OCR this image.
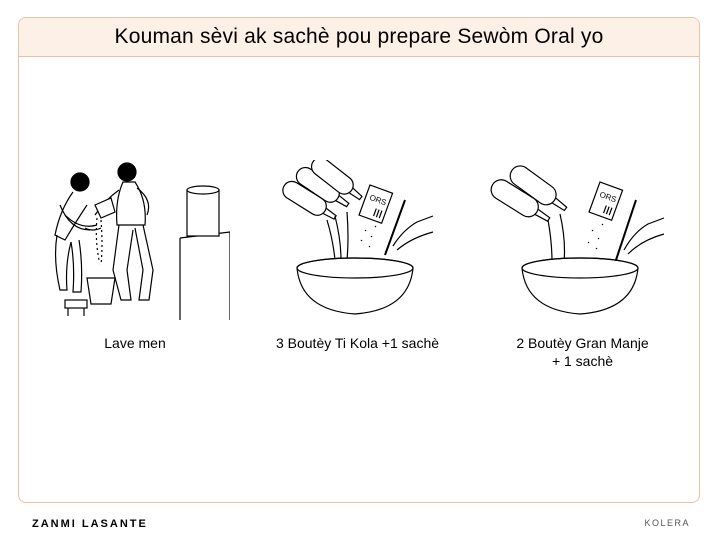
Kouman sèvi ak sachè pou prepare Sewòm Oral yo
Lave men
ORS
3 Boutèy Ti Kola +1 sachè
ORS
2 Boutèy Gran Manje
+ 1 sachè
ZANMI LASANTE	KOLERA
